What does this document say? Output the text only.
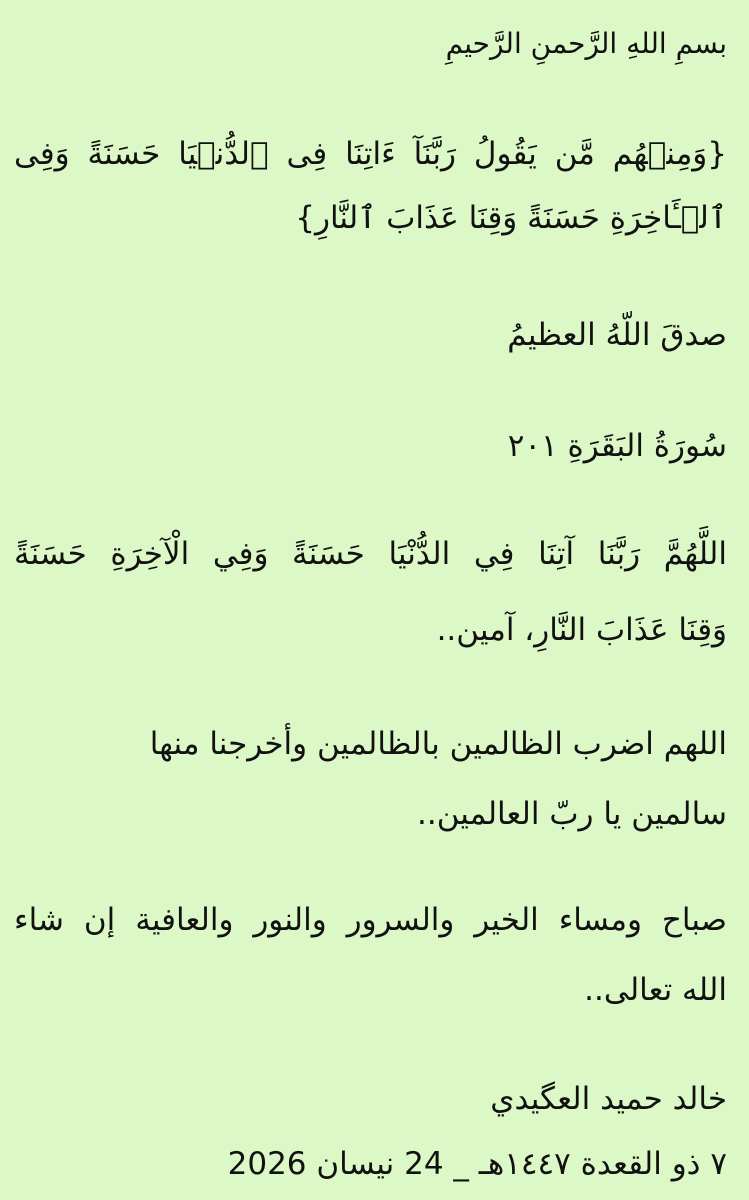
بسمِ اللهِ الرَّحمنِ الرَّحيمِ
{وَمِنۡهُم مَّن يَقُولُ رَبَّنَآ ءَاتِنَا فِى ٱلدُّنۡيَا حَسَنَةً وَفِى
ٱلۡـَٔاخِرَةِ حَسَنَةً وَقِنَا عَذَابَ ٱلنَّارِ}
صدقَ اللّهُ العظيمُ
سُورَةُ البَقَرَةِ ٢٠١
اللَّهُمَّ رَبَّنَا آتِنَا فِي الدُّنْيَا حَسَنَةً وَفِي الْآخِرَةِ حَسَنَةً
وَقِنَا عَذَابَ النَّارِ، آمين..
اللهم اضرب الظالمين بالظالمين وأخرجنا منها
سالمين يا ربّ العالمين..
صباح ومساء الخير والسرور والنور والعافية إن شاء
الله تعالى..
خالد حميد العگيدي
٧ ذو القعدة ١٤٤٧هـ _ 24 نيسان 2026
